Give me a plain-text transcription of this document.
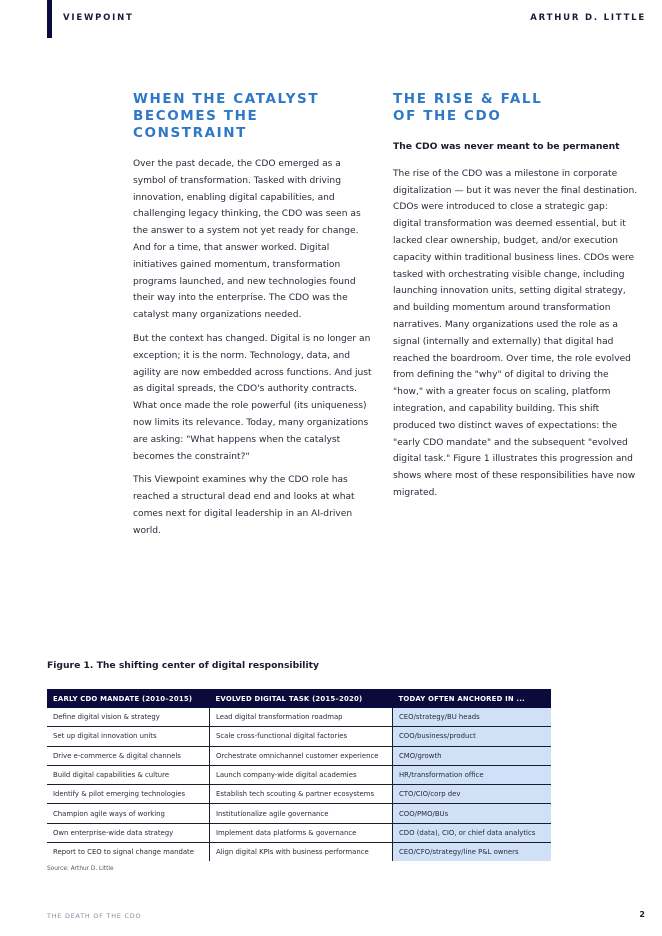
VIEWPOINT	ARTHUR D. LITTLE
WHEN THE CATALYST
BECOMES THE CONSTRAINT

Over the past decade, the CDO emerged as a symbol of transformation. Tasked with driving innovation, enabling digital capabilities, and challenging legacy thinking, the CDO was seen as the answer to a system not yet ready for change. And for a time, that answer worked. Digital initiatives gained momentum, transformation programs launched, and new technologies found their way into the enterprise. The CDO was the catalyst many organizations needed.

But the context has changed. Digital is no longer an exception; it is the norm. Technology, data, and agility are now embedded across functions. And just as digital spreads, the CDO's authority contracts. What once made the role powerful (its uniqueness) now limits its relevance. Today, many organizations are asking: "What happens when the catalyst becomes the constraint?"

This Viewpoint examines why the CDO role has reached a structural dead end and looks at what comes next for digital leadership in an AI-driven world.

THE RISE & FALL
OF THE CDO
The CDO was never meant to be permanent

The rise of the CDO was a milestone in corporate digitalization — but it was never the final destination. CDOs were introduced to close a strategic gap: digital transformation was deemed essential, but it lacked clear ownership, budget, and/or execution capacity within traditional business lines. CDOs were tasked with orchestrating visible change, including launching innovation units, setting digital strategy, and building momentum around transformation narratives. Many organizations used the role as a signal (internally and externally) that digital had reached the boardroom. Over time, the role evolved from defining the "why" of digital to driving the "how," with a greater focus on scaling, platform integration, and capability building. This shift produced two distinct waves of expectations: the "early CDO mandate" and the subsequent "evolved digital task." Figure 1 illustrates this progression and shows where most of these responsibilities have now migrated.

Figure 1. The shifting center of digital responsibility
EARLY CDO MANDATE (2010–2015)	EVOLVED DIGITAL TASK (2015–2020)	TODAY OFTEN ANCHORED IN ...
Define digital vision & strategy	Lead digital transformation roadmap	CEO/strategy/BU heads
Set up digital innovation units	Scale cross-functional digital factories	COO/business/product
Drive e-commerce & digital channels	Orchestrate omnichannel customer experience	CMO/growth
Build digital capabilities & culture	Launch company-wide digital academies	HR/transformation office
Identify & pilot emerging technologies	Establish tech scouting & partner ecosystems	CTO/CIO/corp dev
Champion agile ways of working	Institutionalize agile governance	COO/PMO/BUs
Own enterprise-wide data strategy	Implement data platforms & governance	CDO (data), CIO, or chief data analytics
Report to CEO to signal change mandate	Align digital KPIs with business performance	CEO/CFO/strategy/line P&L owners
Source: Arthur D. Little
THE DEATH OF THE CDO	2
